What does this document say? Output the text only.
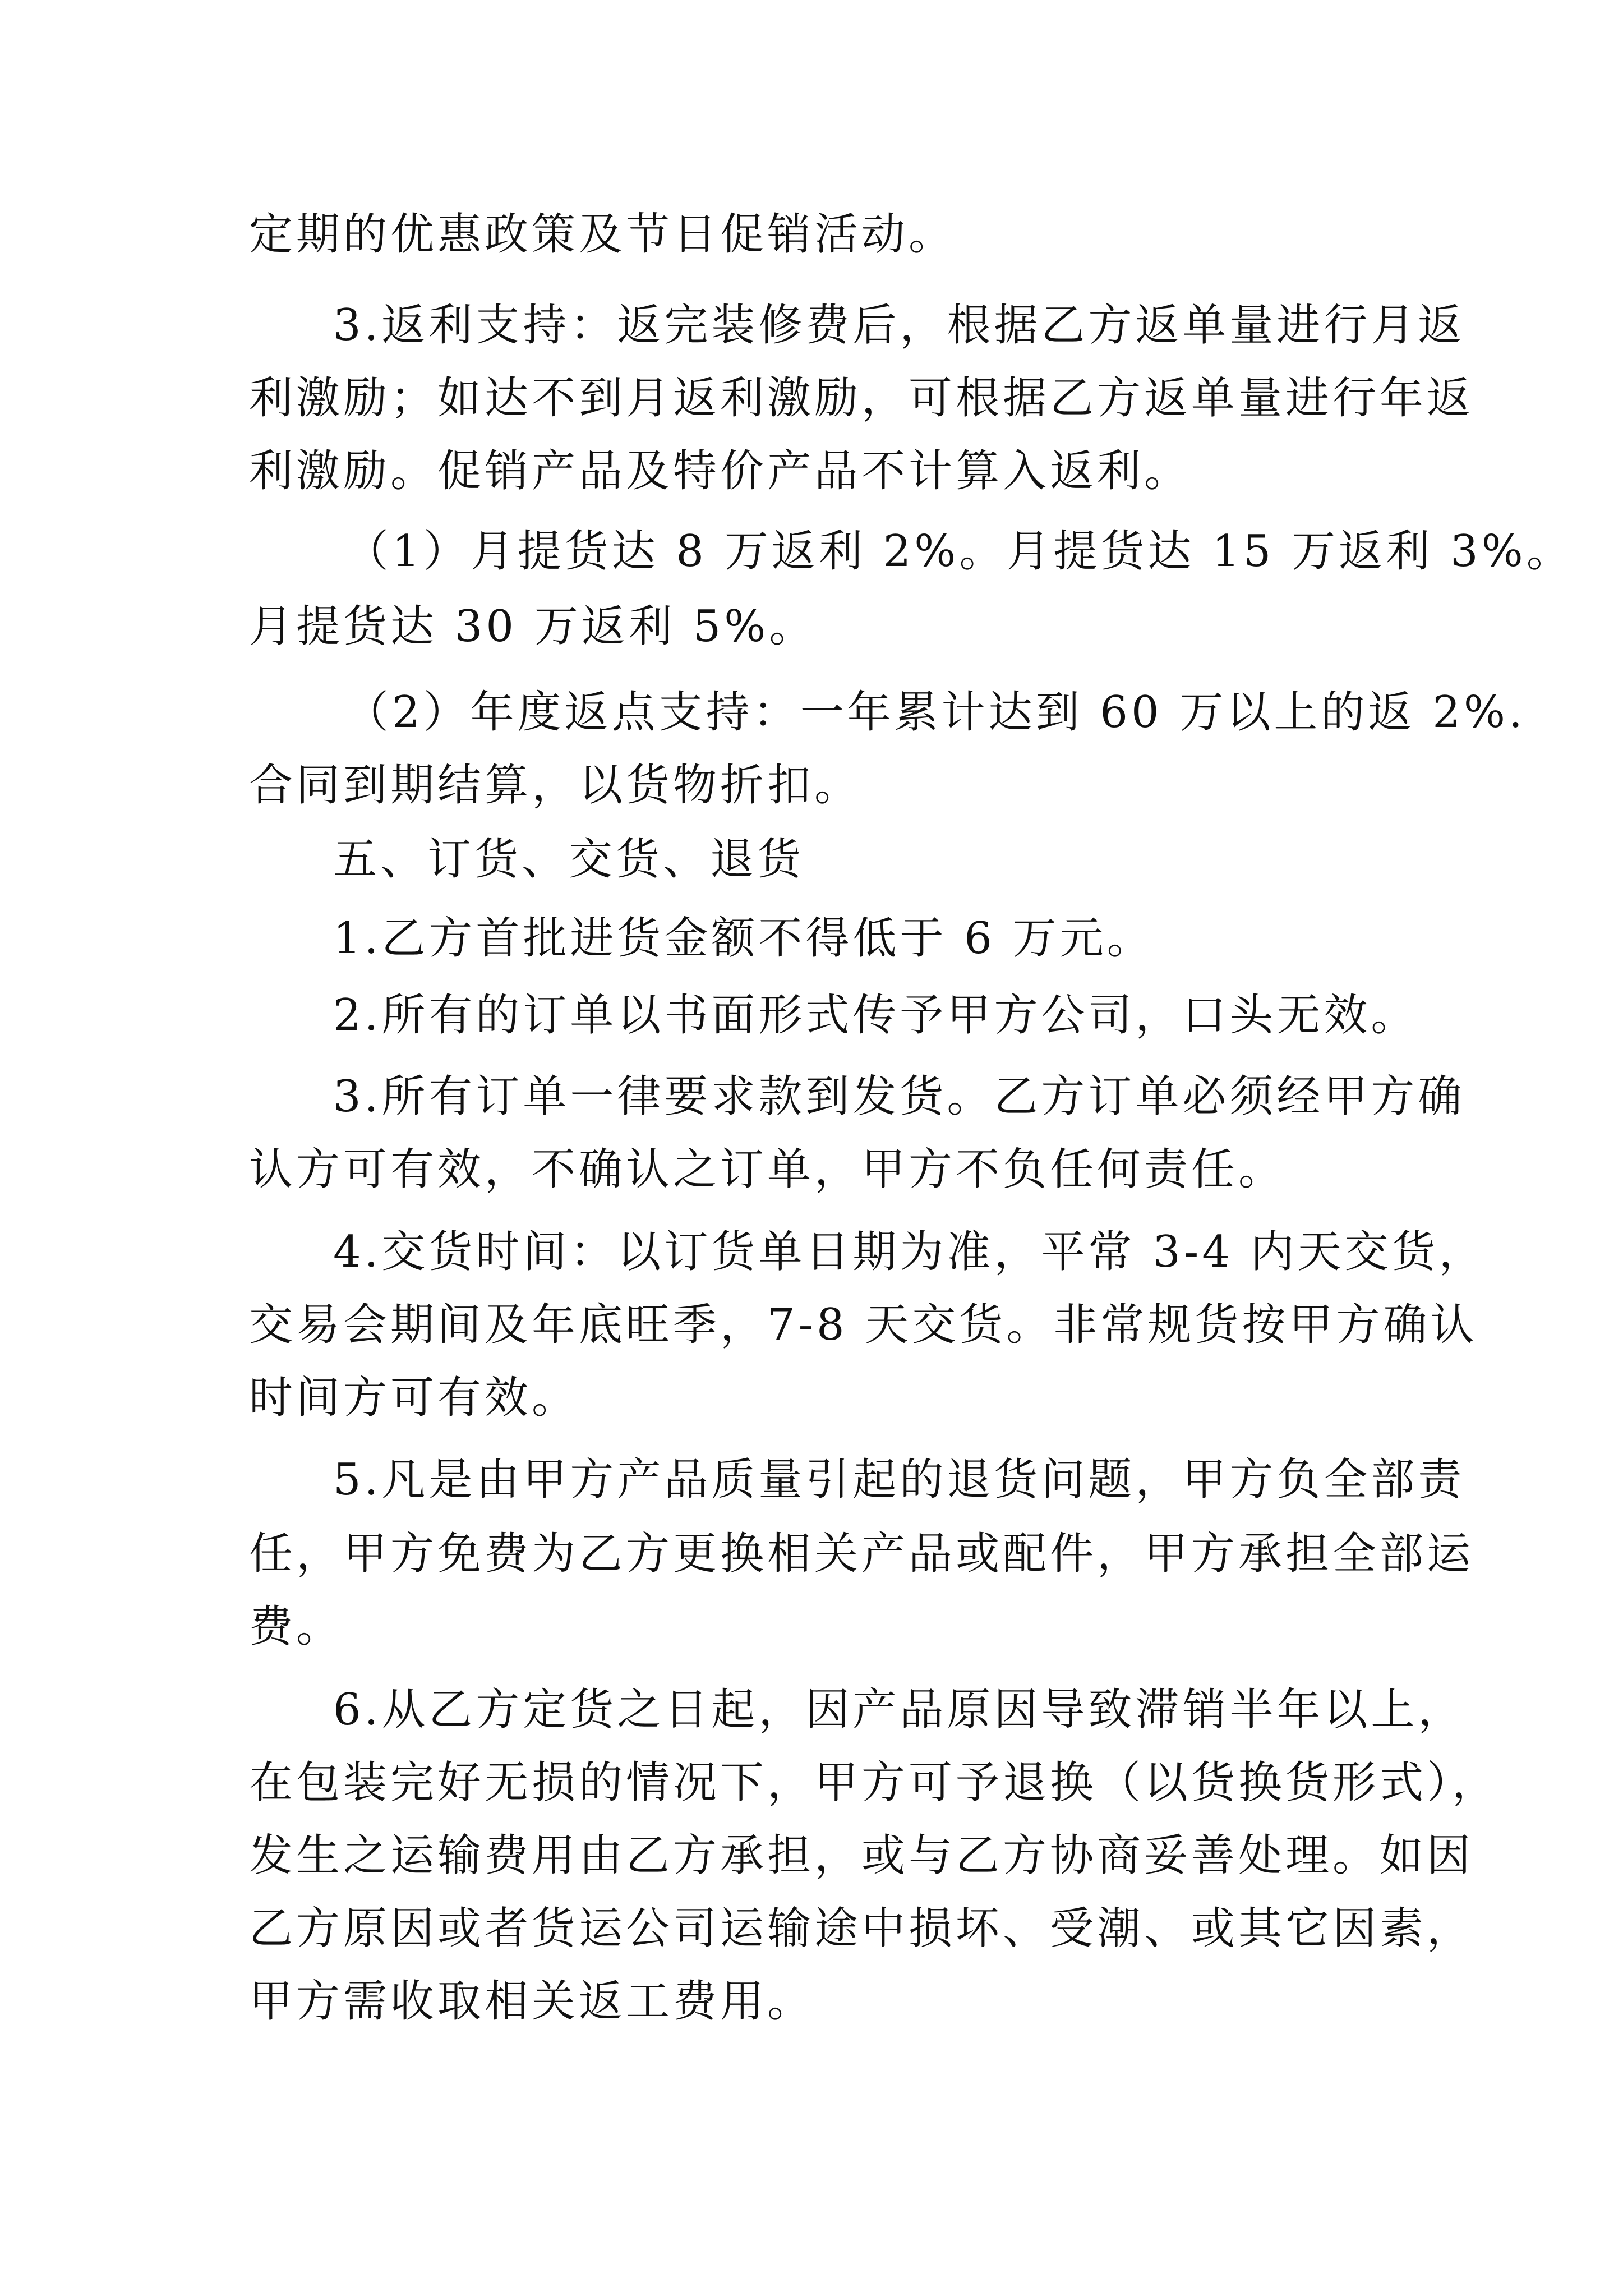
定期的优惠政策及节日促销活动。
3.返利支持：返完装修费后，根据乙方返单量进行月返
利激励；如达不到月返利激励，可根据乙方返单量进行年返
利激励。促销产品及特价产品不计算入返利。
（1）月提货达 8 万返利 2%。月提货达 15 万返利 3%。
月提货达 30 万返利 5%。
（2）年度返点支持：一年累计达到 60 万以上的返 2%.
合同到期结算，以货物折扣。
五、订货、交货、退货
1.乙方首批进货金额不得低于 6 万元。
2.所有的订单以书面形式传予甲方公司，口头无效。
3.所有订单一律要求款到发货。乙方订单必须经甲方确
认方可有效，不确认之订单，甲方不负任何责任。
4.交货时间：以订货单日期为准，平常 3-4 内天交货，
交易会期间及年底旺季，7-8 天交货。非常规货按甲方确认
时间方可有效。
5.凡是由甲方产品质量引起的退货问题，甲方负全部责
任，甲方免费为乙方更换相关产品或配件，甲方承担全部运
费。
6.从乙方定货之日起，因产品原因导致滞销半年以上，
在包装完好无损的情况下，甲方可予退换（以货换货形式），
发生之运输费用由乙方承担，或与乙方协商妥善处理。如因
乙方原因或者货运公司运输途中损坏、受潮、或其它因素，
甲方需收取相关返工费用。
